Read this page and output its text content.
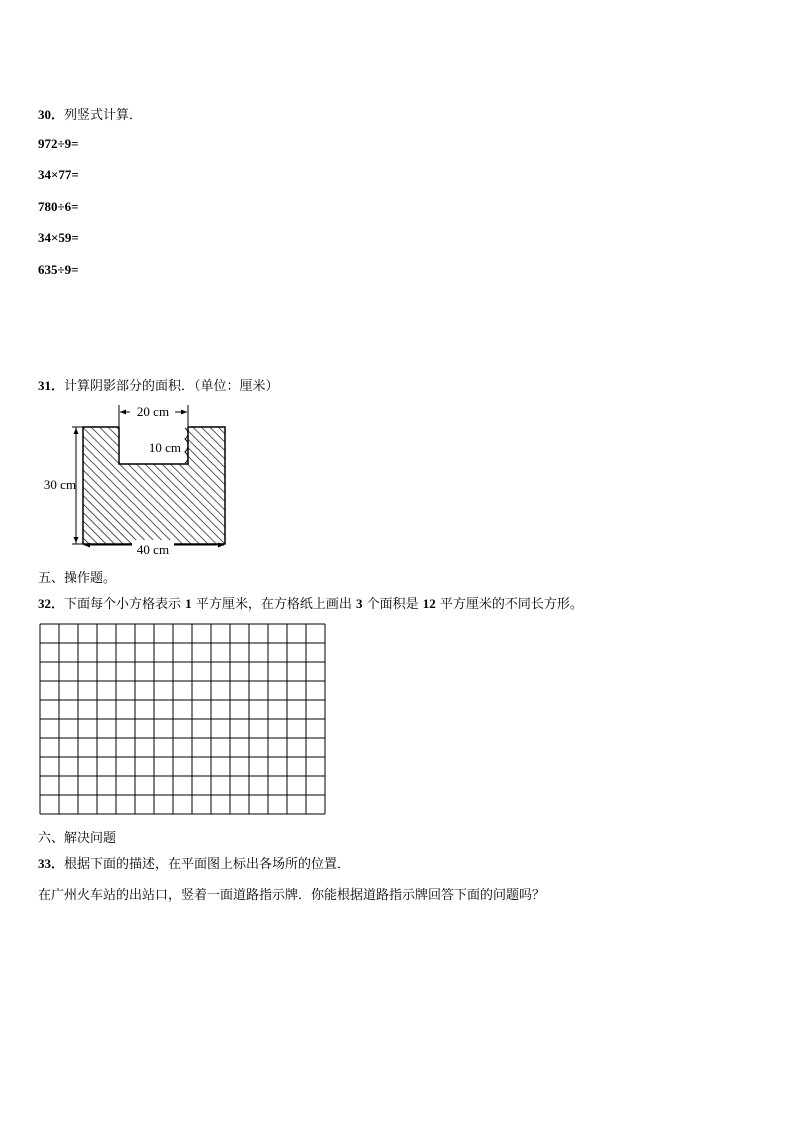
30．列竖式计算．
972÷9=
34×77=
780÷6=
34×59=
635÷9=
31．计算阴影部分的面积．（单位：厘米）
20 cm
10 cm
30 cm
40 cm
五、操作题。
32．下面每个小方格表示 1 平方厘米，在方格纸上画出 3 个面积是 12 平方厘米的不同长方形。
六、解决问题
33．根据下面的描述，在平面图上标出各场所的位置．
在广州火车站的出站口，竖着一面道路指示牌．你能根据道路指示牌回答下面的问题吗？
